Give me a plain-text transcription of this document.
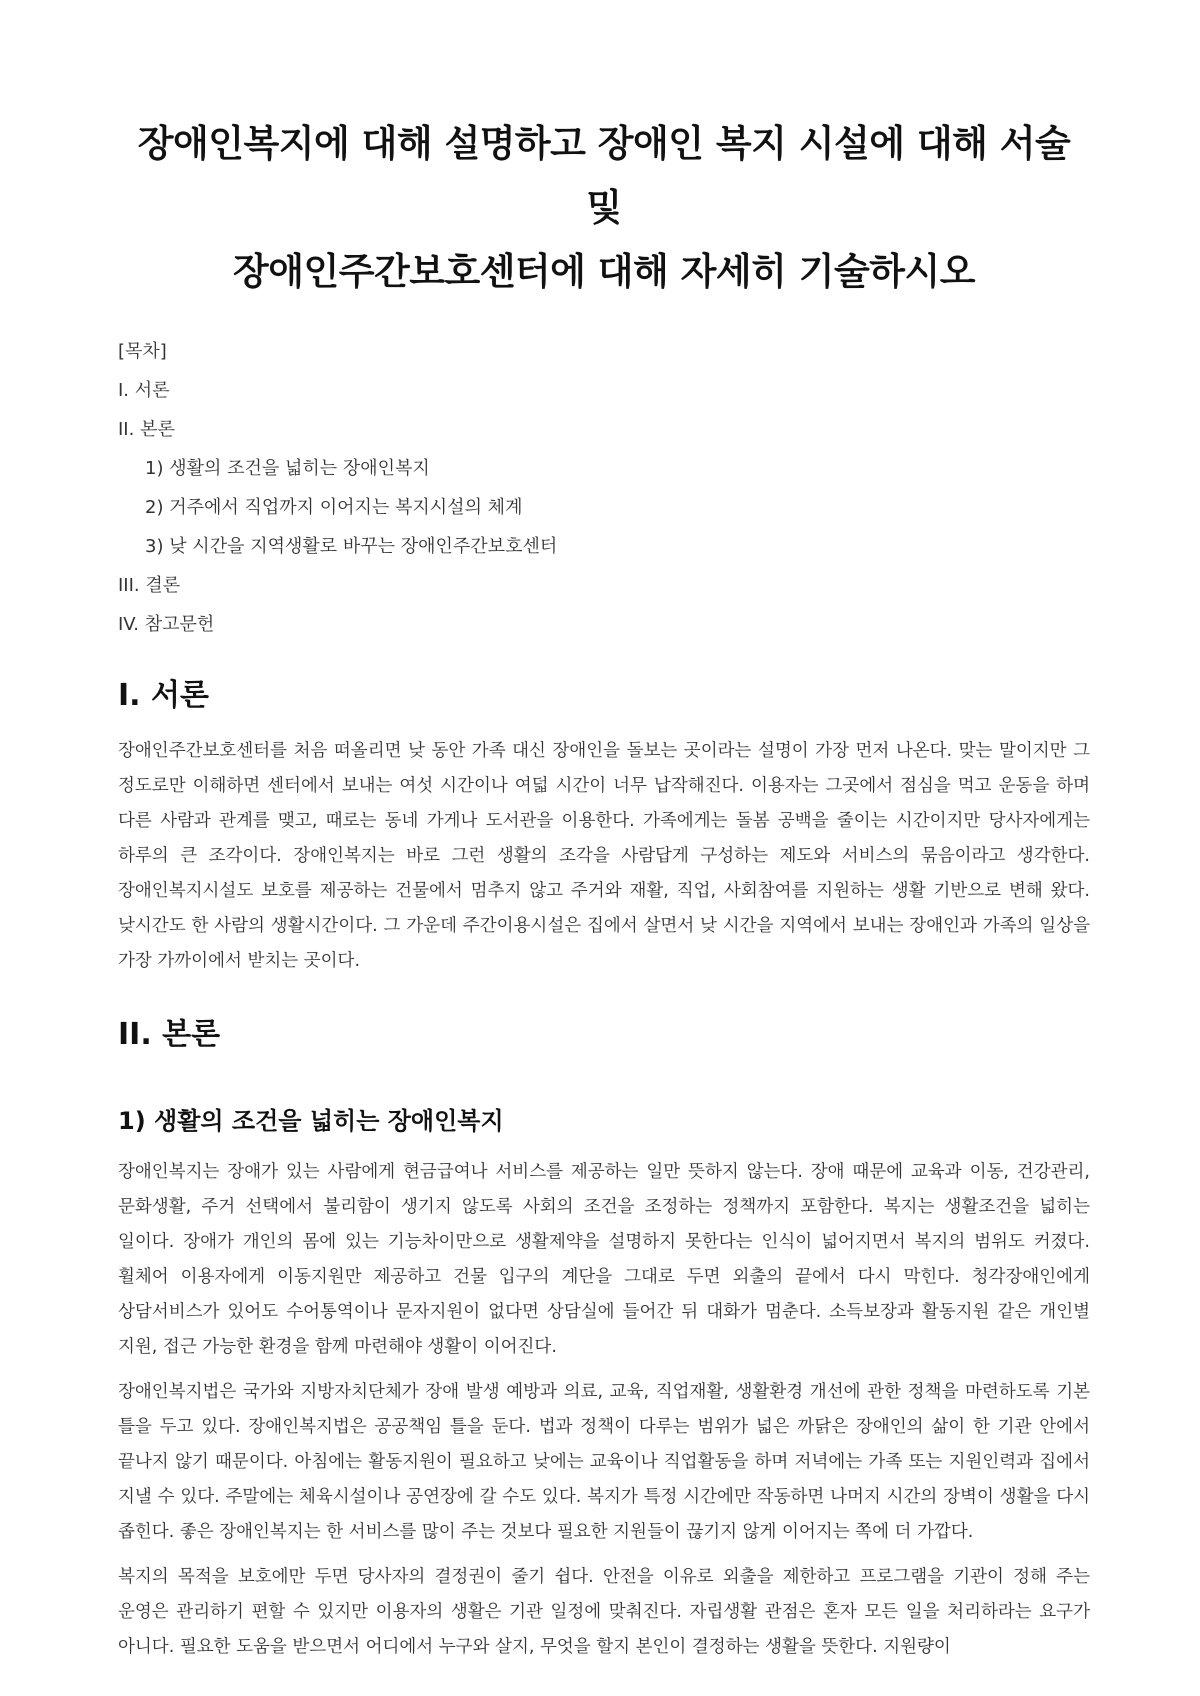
장애인복지에 대해 설명하고 장애인 복지 시설에 대해 서술 및
장애인주간보호센터에 대해 자세히 기술하시오
[목차]
I. 서론
II. 본론
1) 생활의 조건을 넓히는 장애인복지
2) 거주에서 직업까지 이어지는 복지시설의 체계
3) 낮 시간을 지역생활로 바꾸는 장애인주간보호센터
III. 결론
IV. 참고문헌
I. 서론

장애인주간보호센터를 처음 떠올리면 낮 동안 가족 대신 장애인을 돌보는 곳이라는 설명이 가장 먼저 나온다. 맞는 말이지만 그 정도로만 이해하면 센터에서 보내는 여섯 시간이나 여덟 시간이 너무 납작해진다. 이용자는 그곳에서 점심을 먹고 운동을 하며 다른 사람과 관계를 맺고, 때로는 동네 가게나 도서관을 이용한다. 가족에게는 돌봄 공백을 줄이는 시간이지만 당사자에게는 하루의 큰 조각이다. 장애인복지는 바로 그런 생활의 조각을 사람답게 구성하는 제도와 서비스의 묶음이라고 생각한다. 장애인복지시설도 보호를 제공하는 건물에서 멈추지 않고 주거와 재활, 직업, 사회참여를 지원하는 생활 기반으로 변해 왔다. 낮시간도 한 사람의 생활시간이다. 그 가운데 주간이용시설은 집에서 살면서 낮 시간을 지역에서 보내는 장애인과 가족의 일상을 가장 가까이에서 받치는 곳이다.

II. 본론
1) 생활의 조건을 넓히는 장애인복지

장애인복지는 장애가 있는 사람에게 현금급여나 서비스를 제공하는 일만 뜻하지 않는다. 장애 때문에 교육과 이동, 건강관리, 문화생활, 주거 선택에서 불리함이 생기지 않도록 사회의 조건을 조정하는 정책까지 포함한다. 복지는 생활조건을 넓히는 일이다. 장애가 개인의 몸에 있는 기능차이만으로 생활제약을 설명하지 못한다는 인식이 넓어지면서 복지의 범위도 커졌다. 휠체어 이용자에게 이동지원만 제공하고 건물 입구의 계단을 그대로 두면 외출의 끝에서 다시 막힌다. 청각장애인에게 상담서비스가 있어도 수어통역이나 문자지원이 없다면 상담실에 들어간 뒤 대화가 멈춘다. 소득보장과 활동지원 같은 개인별 지원, 접근 가능한 환경을 함께 마련해야 생활이 이어진다.

장애인복지법은 국가와 지방자치단체가 장애 발생 예방과 의료, 교육, 직업재활, 생활환경 개선에 관한 정책을 마련하도록 기본 틀을 두고 있다. 장애인복지법은 공공책임 틀을 둔다. 법과 정책이 다루는 범위가 넓은 까닭은 장애인의 삶이 한 기관 안에서 끝나지 않기 때문이다. 아침에는 활동지원이 필요하고 낮에는 교육이나 직업활동을 하며 저녁에는 가족 또는 지원인력과 집에서 지낼 수 있다. 주말에는 체육시설이나 공연장에 갈 수도 있다. 복지가 특정 시간에만 작동하면 나머지 시간의 장벽이 생활을 다시 좁힌다. 좋은 장애인복지는 한 서비스를 많이 주는 것보다 필요한 지원들이 끊기지 않게 이어지는 쪽에 더 가깝다.

복지의 목적을 보호에만 두면 당사자의 결정권이 줄기 쉽다. 안전을 이유로 외출을 제한하고 프로그램을 기관이 정해 주는 운영은 관리하기 편할 수 있지만 이용자의 생활은 기관 일정에 맞춰진다. 자립생활 관점은 혼자 모든 일을 처리하라는 요구가 아니다. 필요한 도움을 받으면서 어디에서 누구와 살지, 무엇을 할지 본인이 결정하는 생활을 뜻한다. 지원량이
